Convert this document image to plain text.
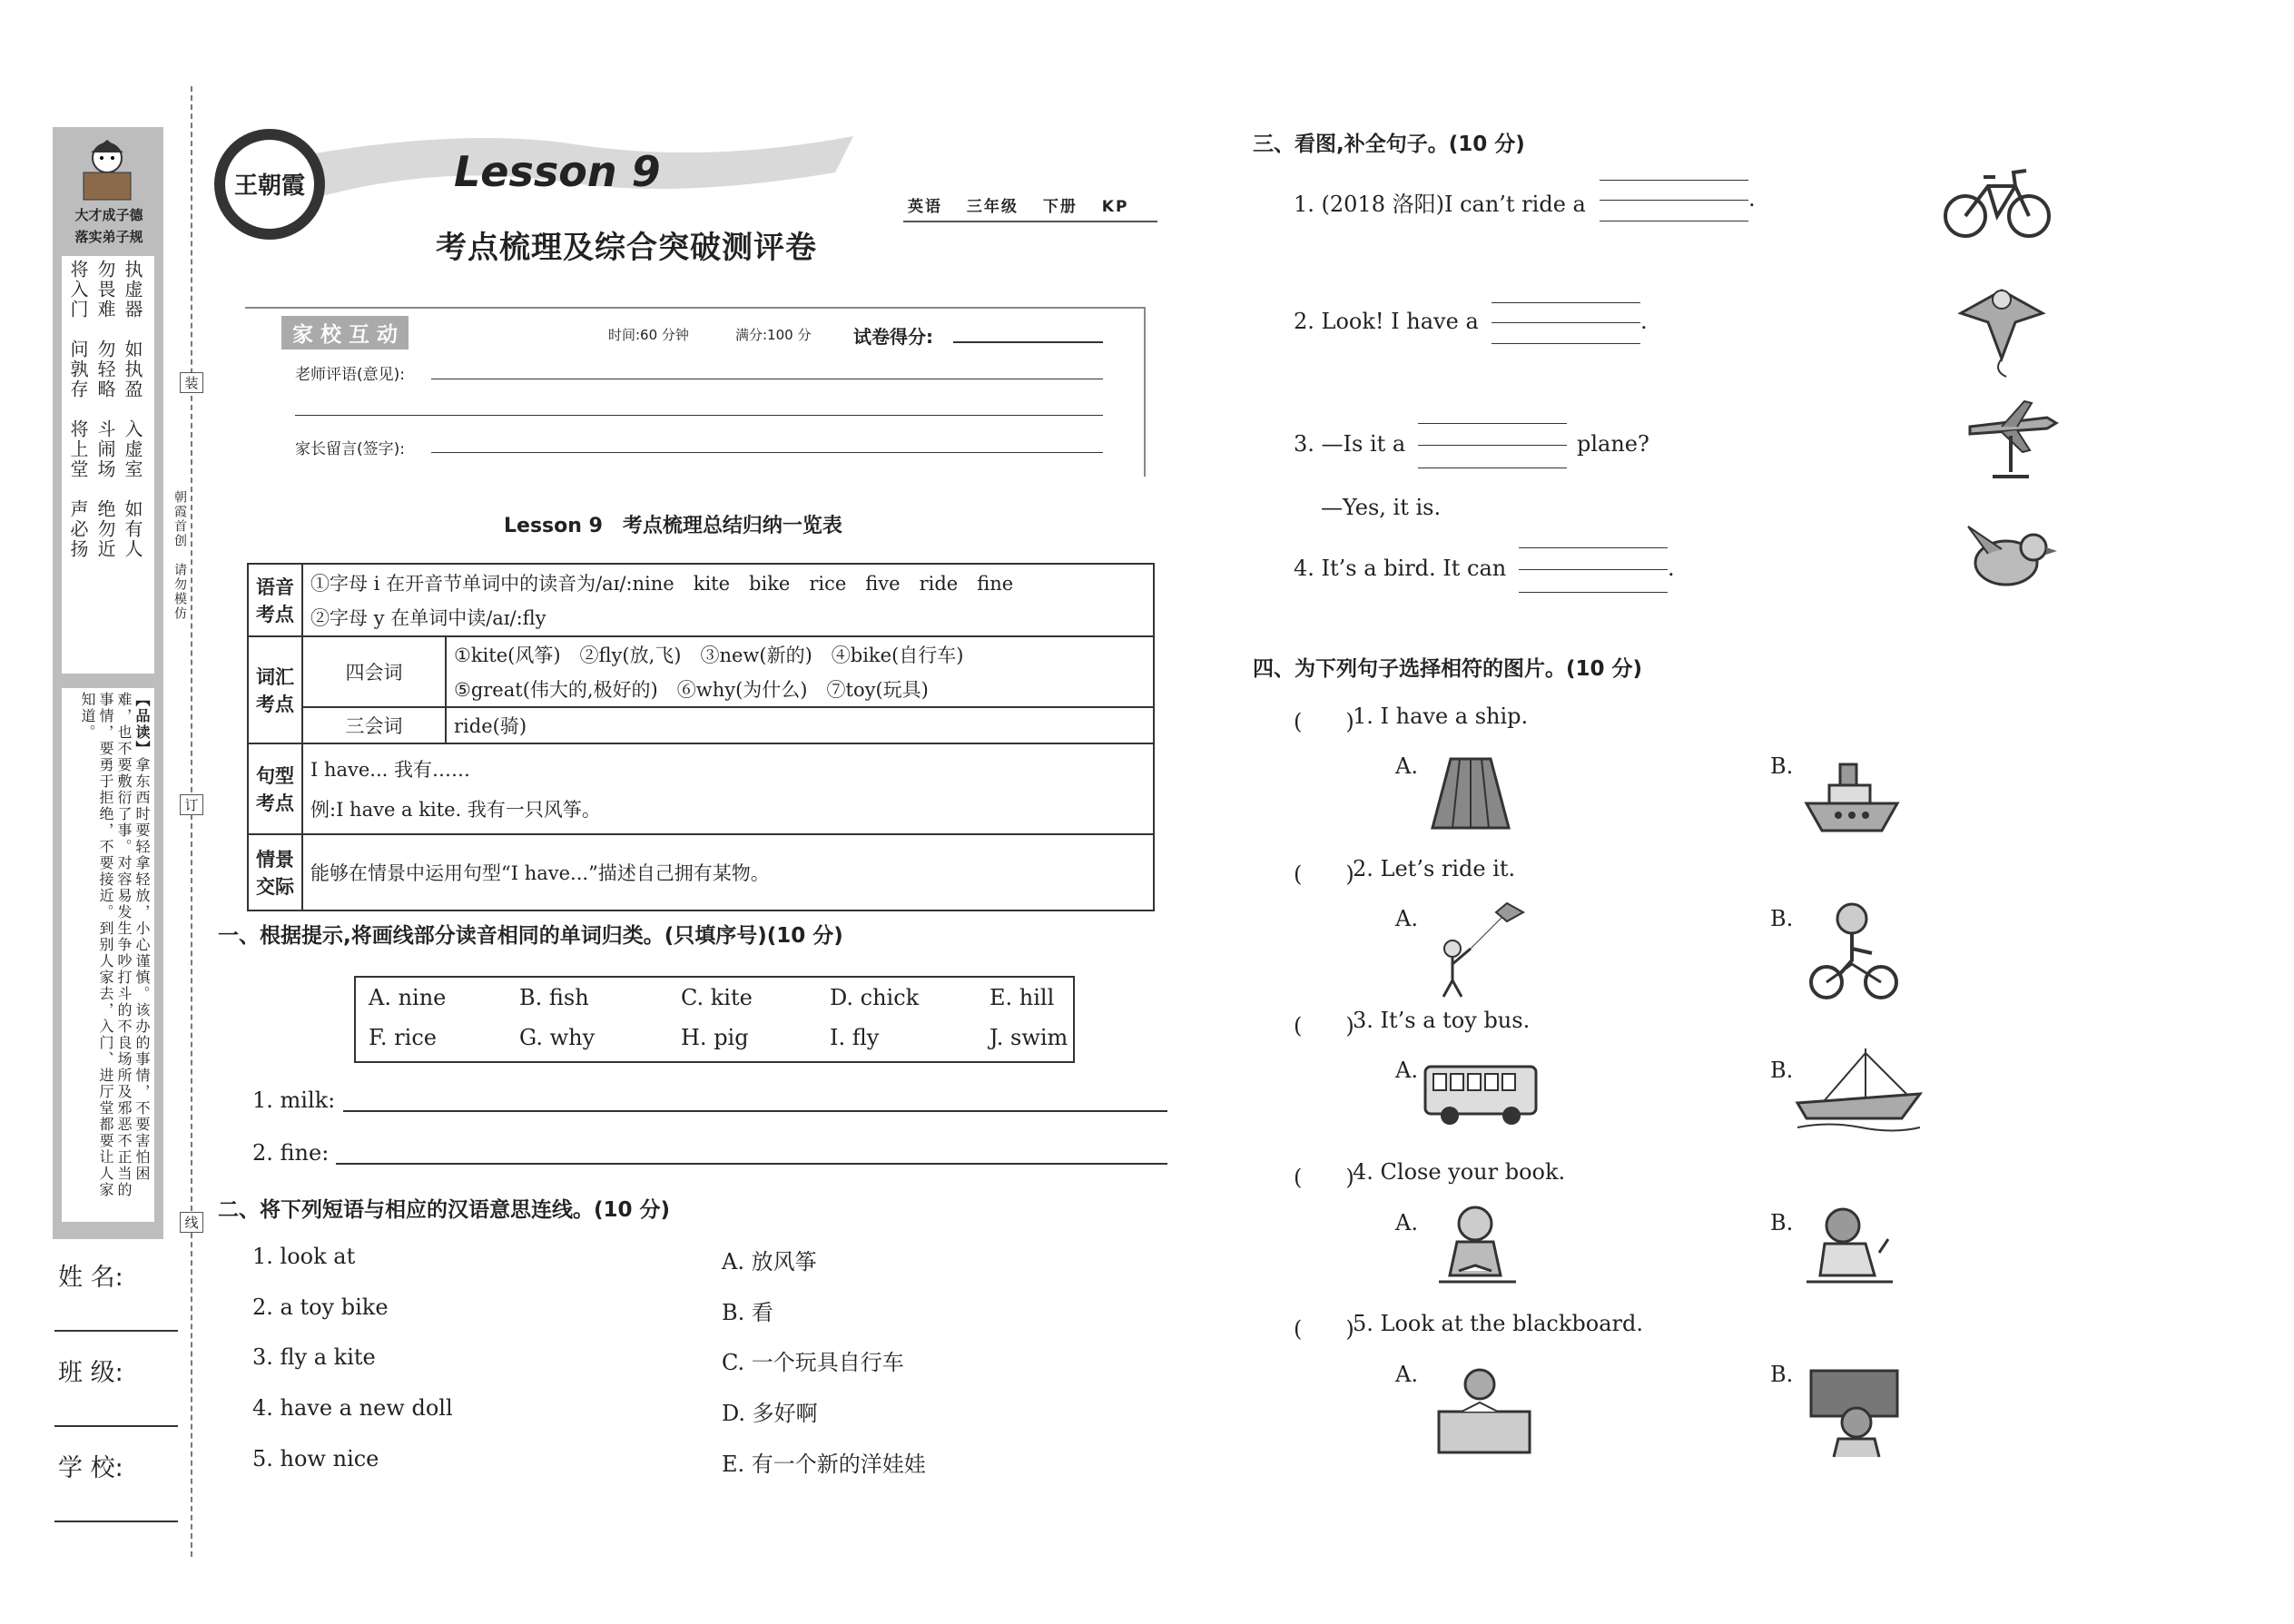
大才成子德
落实弟子规
将入门　问孰存　将上堂　声必扬
勿畏难　勿轻略　斗闹场　绝勿近
执虚器　如执盈　入虚室　如有人
【品读】拿东西时要轻拿轻放，小心谨慎。该办的事情，不要害怕困难，也不要敷衍了事。对容易发生争吵打斗的不良场所及邪恶不正当的事情，要勇于拒绝，不要接近。到别人家去，入门、进厅堂都要让人家知道。
姓 名:
班 级:
学 校:
装
订
线
朝霞首创　请勿模仿
王朝霞	Lesson 9
英语　 三年级　 下册　 KP
考点梳理及综合突破测评卷
家 校 互 动	时间:60 分钟	满分:100 分 试卷得分:
老师评语(意见):
家长留言(签字):
Lesson 9　考点梳理总结归纳一览表
语音考点	①字母 i 在开音节单词中的读音为/aɪ/:nine　kite　bike　rice　five　ride　fine
②字母 y 在单词中读/aɪ/:fly	

词汇考点	四会词	①kite(风筝)　②fly(放,飞)　③new(新的)　④bike(自行车)
⑤great(伟大的,极好的)　⑥why(为什么)　⑦toy(玩具)

	三会词	ride(骑)
句型考点	I have... 我有……
例:I have a kite. 我有一只风筝。	

情景交际	能够在情景中运用句型“I have...”描述自己拥有某物。	
一、根据提示,将画线部分读音相同的单词归类。(只填序号)(10 分)
A. nine	B. fish	C. kite	D. chick	E. hill
F. rice	G. why	H. pig	I. fly	J. swim
1. milk:
2. fine:
二、将下列短语与相应的汉语意思连线。(10 分)
1. look at
2. a toy bike
3. fly a kite
4. have a new doll
5. how nice
A. 放风筝
B. 看
C. 一个玩具自行车
D. 多好啊
E. 有一个新的洋娃娃
三、看图,补全句子。(10 分)
1. (2018 洛阳)I can’t ride a	.
2. Look! I have a	.
3. —Is it a	plane?
—Yes, it is.
4. It’s a bird. It can	.
四、为下列句子选择相符的图片。(10 分)
(　　)
1. I have a ship.
A.	B.
(　　)
2. Let’s ride it.
A.	B.
(　　)
3. It’s a toy bus.
A.	B.
(　　)
4. Close your book.
A.	B.
(　　)
5. Look at the blackboard.
A.	B.
